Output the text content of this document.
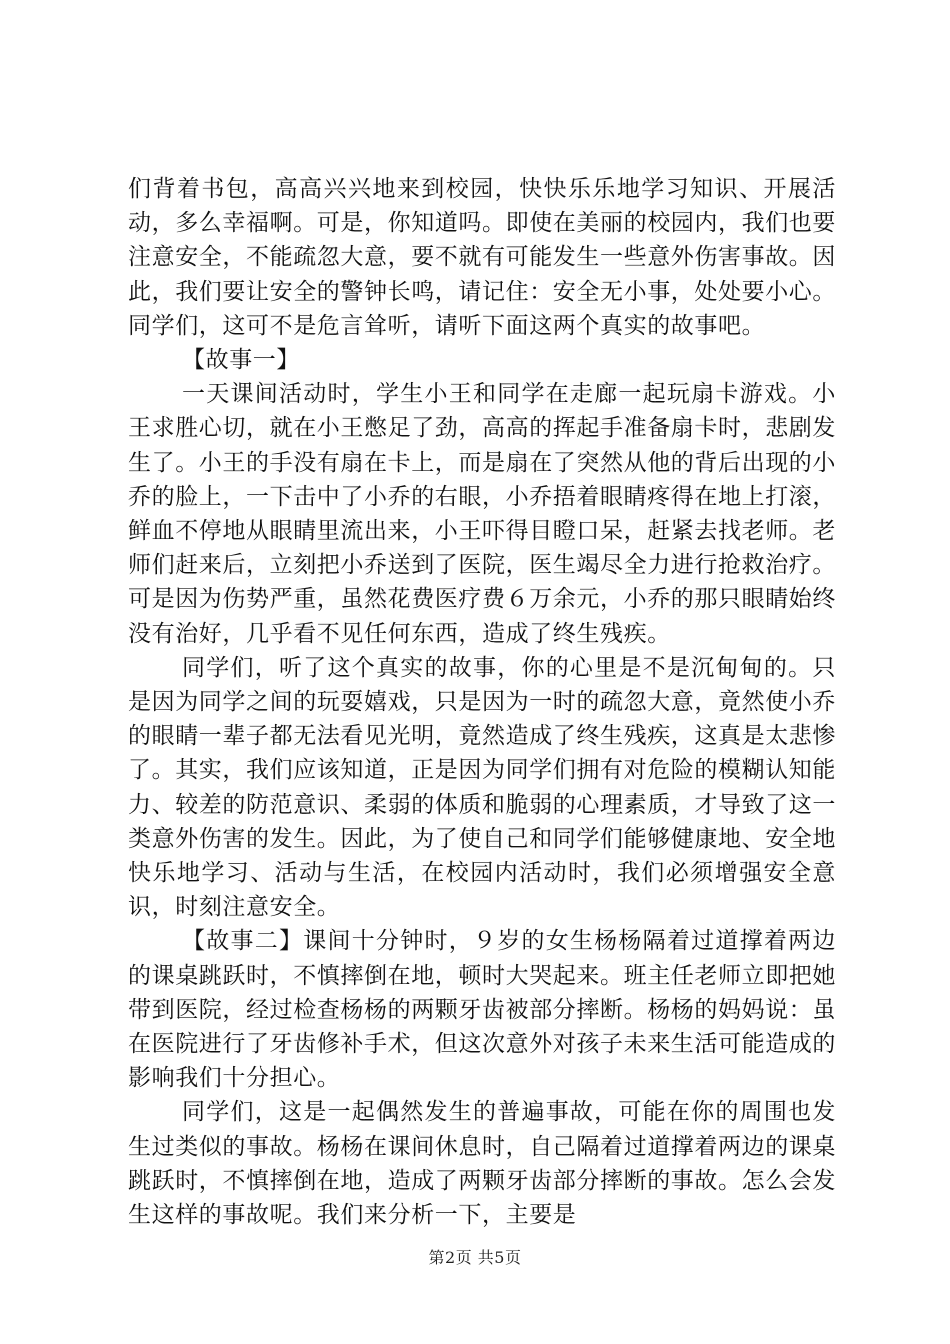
们背着书包，高高兴兴地来到校园，快快乐乐地学习知识、开展活动，多么幸福啊。可是，你知道吗。即使在美丽的校园内，我们也要注意安全，不能疏忽大意，要不就有可能发生一些意外伤害事故。因此，我们要让安全的警钟长鸣，请记住：安全无小事，处处要小心。同学们，这可不是危言耸听，请听下面这两个真实的故事吧。

【故事一】

一天课间活动时，学生小王和同学在走廊一起玩扇卡游戏。小王求胜心切，就在小王憋足了劲，高高的挥起手准备扇卡时，悲剧发生了。小王的手没有扇在卡上，而是扇在了突然从他的背后出现的小乔的脸上，一下击中了小乔的右眼，小乔捂着眼睛疼得在地上打滚，鲜血不停地从眼睛里流出来，小王吓得目瞪口呆，赶紧去找老师。老师们赶来后，立刻把小乔送到了医院，医生竭尽全力进行抢救治疗。可是因为伤势严重，虽然花费医疗费６万余元，小乔的那只眼睛始终没有治好，几乎看不见任何东西，造成了终生残疾。

同学们，听了这个真实的故事，你的心里是不是沉甸甸的。只是因为同学之间的玩耍嬉戏，只是因为一时的疏忽大意，竟然使小乔的眼睛一辈子都无法看见光明，竟然造成了终生残疾，这真是太悲惨了。其实，我们应该知道，正是因为同学们拥有对危险的模糊认知能力、较差的防范意识、柔弱的体质和脆弱的心理素质，才导致了这一类意外伤害的发生。因此，为了使自己和同学们能够健康地、安全地快乐地学习、活动与生活，在校园内活动时，我们必须增强安全意识，时刻注意安全。

【故事二】课间十分钟时，９岁的女生杨杨隔着过道撑着两边的课桌跳跃时，不慎摔倒在地，顿时大哭起来。班主任老师立即把她带到医院，经过检查杨杨的两颗牙齿被部分摔断。杨杨的妈妈说：虽在医院进行了牙齿修补手术，但这次意外对孩子未来生活可能造成的影响我们十分担心。

同学们，这是一起偶然发生的普遍事故，可能在你的周围也发生过类似的事故。杨杨在课间休息时，自己隔着过道撑着两边的课桌跳跃时，不慎摔倒在地，造成了两颗牙齿部分摔断的事故。怎么会发生这样的事故呢。我们来分析一下，主要是

第2页 共5页
